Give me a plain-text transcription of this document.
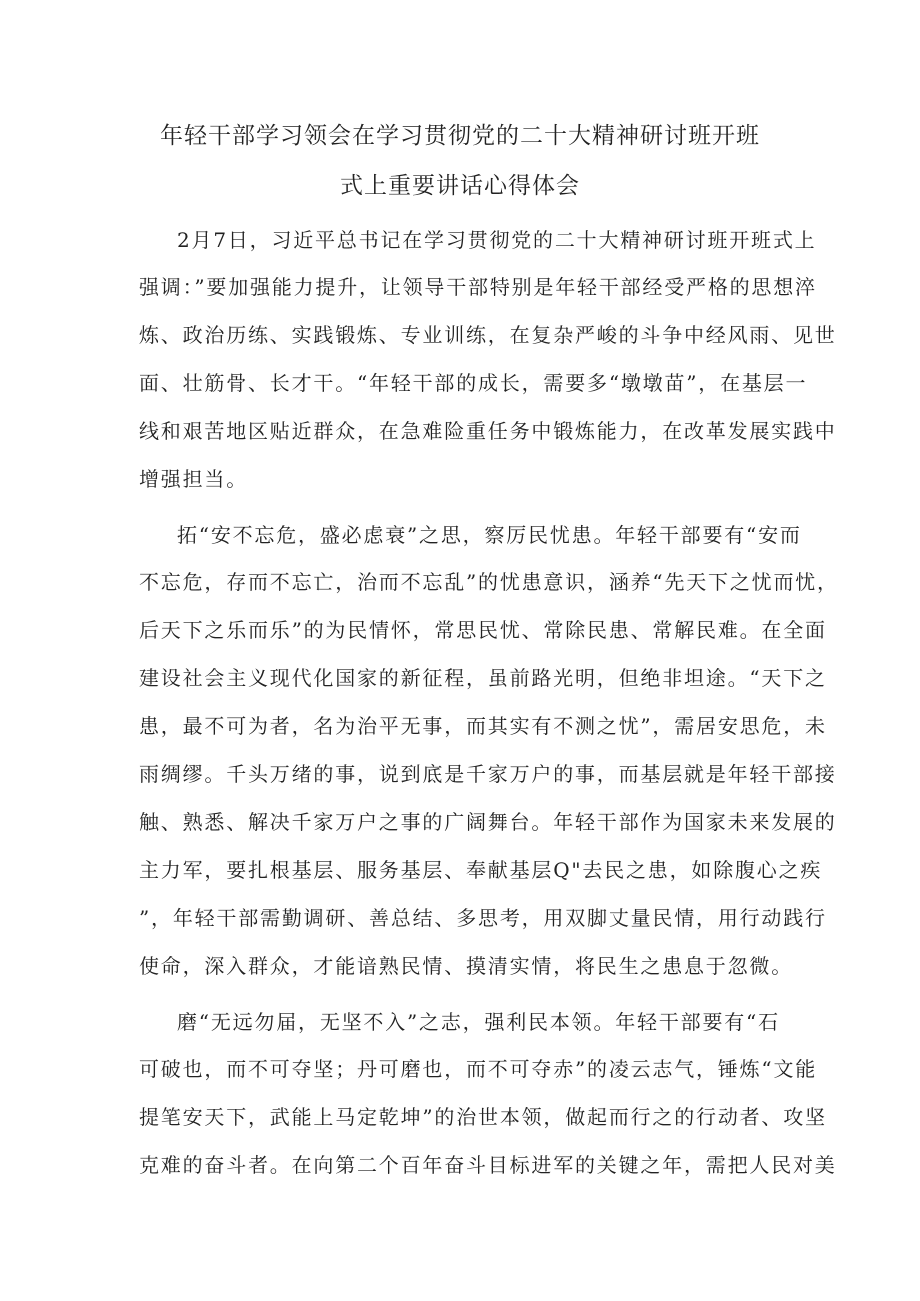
年轻干部学习领会在学习贯彻党的二十大精神研讨班开班
式上重要讲话心得体会
2月7日，习近平总书记在学习贯彻党的二十大精神研讨班开班式上
强调：”要加强能力提升，让领导干部特别是年轻干部经受严格的思想淬
炼、政治历练、实践锻炼、专业训练，在复杂严峻的斗争中经风雨、见世
面、壮筋骨、长才干。“年轻干部的成长，需要多“墩墩苗”，在基层一
线和艰苦地区贴近群众，在急难险重任务中锻炼能力，在改革发展实践中
增强担当。
拓“安不忘危，盛必虑衰”之思，察厉民忧患。年轻干部要有“安而
不忘危，存而不忘亡，治而不忘乱”的忧患意识，涵养“先天下之忧而忧，
后天下之乐而乐”的为民情怀，常思民忧、常除民患、常解民难。在全面
建设社会主义现代化国家的新征程，虽前路光明，但绝非坦途。“天下之
患，最不可为者，名为治平无事，而其实有不测之忧”，需居安思危，未
雨绸缪。千头万绪的事，说到底是千家万户的事，而基层就是年轻干部接
触、熟悉、解决千家万户之事的广阔舞台。年轻干部作为国家未来发展的
主力军，要扎根基层、服务基层、奉献基层Q"去民之患，如除腹心之疾
”，年轻干部需勤调研、善总结、多思考，用双脚丈量民情，用行动践行
使命，深入群众，才能谙熟民情、摸清实情，将民生之患息于忽微。
磨“无远勿届，无坚不入”之志，强利民本领。年轻干部要有“石
可破也，而不可夺坚；丹可磨也，而不可夺赤”的凌云志气，锤炼“文能
提笔安天下，武能上马定乾坤”的治世本领，做起而行之的行动者、攻坚
克难的奋斗者。在向第二个百年奋斗目标进军的关键之年，需把人民对美
